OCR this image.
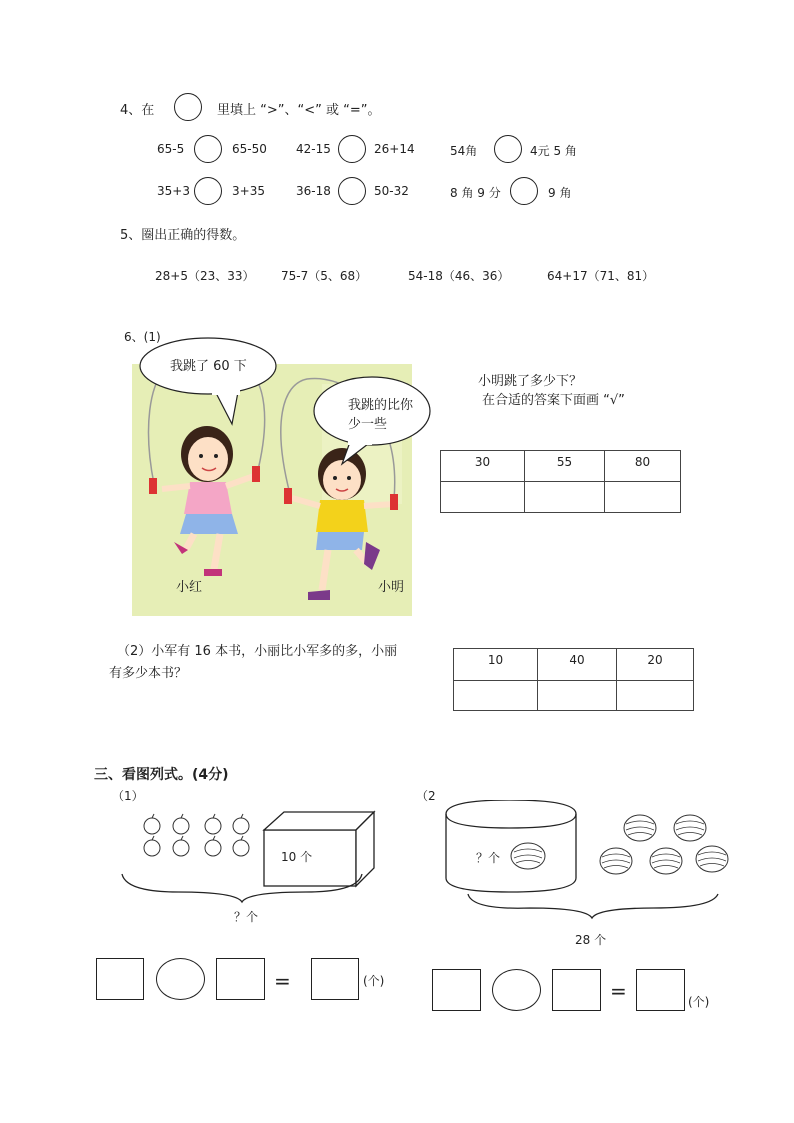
4、在	里填上 “>”、“<” 或 “=”。
65-5	65-50 42-15	26+14	54角	4元 5 角
35+3	3+35	36-18	50-32	8 角 9 分	9 角
5、圈出正确的得数。
28+5（23、33） 75-7（5、68）	54-18（46、36）	64+17（71、81）
6、(1)
小红	小明
我跳了 60 下
我跳的比你
少一些
小明跳了多少下？
在合适的答案下面画 “√”
30	55	80

（2）小军有 16 本书，小丽比小军多的多，小丽
有多少本书？
10	40	20

三、看图列式。(4分)
（1）	（2
10 个
？个
？个
28 个
=	(个)	=	(个)
